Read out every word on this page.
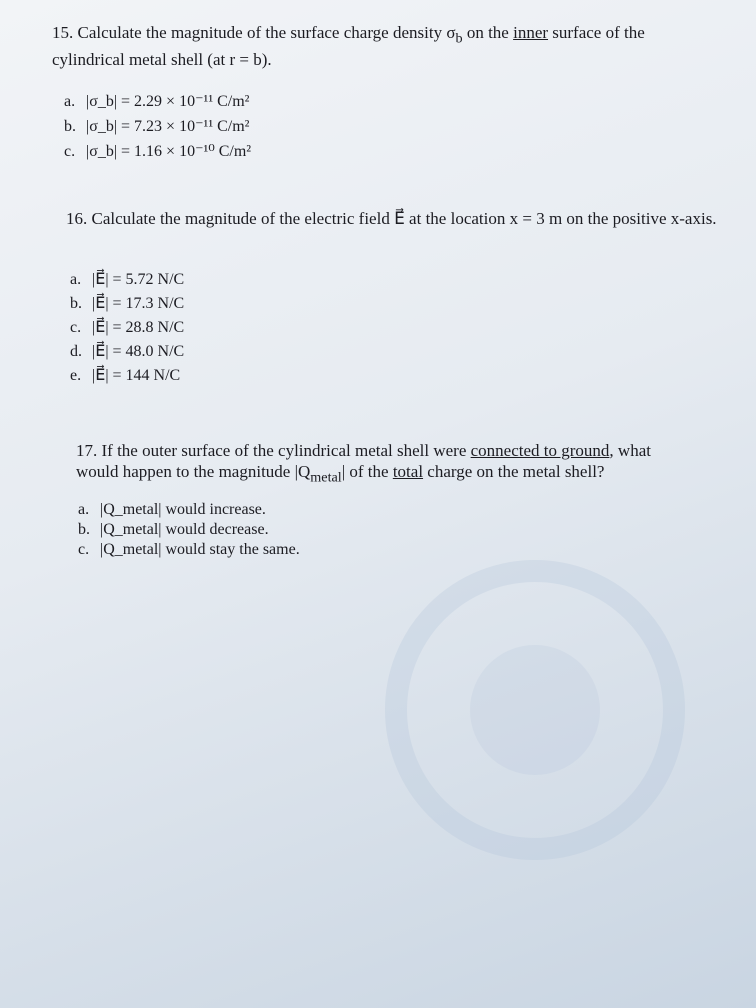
15. Calculate the magnitude of the surface charge density $\sigma_b$ on the inner surface of the cylindrical metal shell (at r = b).
a. |σ_b| = 2.29 × 10⁻¹¹ C/m²
b. |σ_b| = 7.23 × 10⁻¹¹ C/m²
c. |σ_b| = 1.16 × 10⁻¹⁰ C/m²
16. Calculate the magnitude of the electric field E⃗ at the location x = 3 m on the positive x-axis.
a. |E⃗| = 5.72 N/C
b. |E⃗| = 17.3 N/C
c. |E⃗| = 28.8 N/C
d. |E⃗| = 48.0 N/C
e. |E⃗| = 144 N/C
17. If the outer surface of the cylindrical metal shell were connected to ground, what would happen to the magnitude $|Q_{metal}|$ of the total charge on the metal shell?
a. |Q_metal| would increase.
b. |Q_metal| would decrease.
c. |Q_metal| would stay the same.
